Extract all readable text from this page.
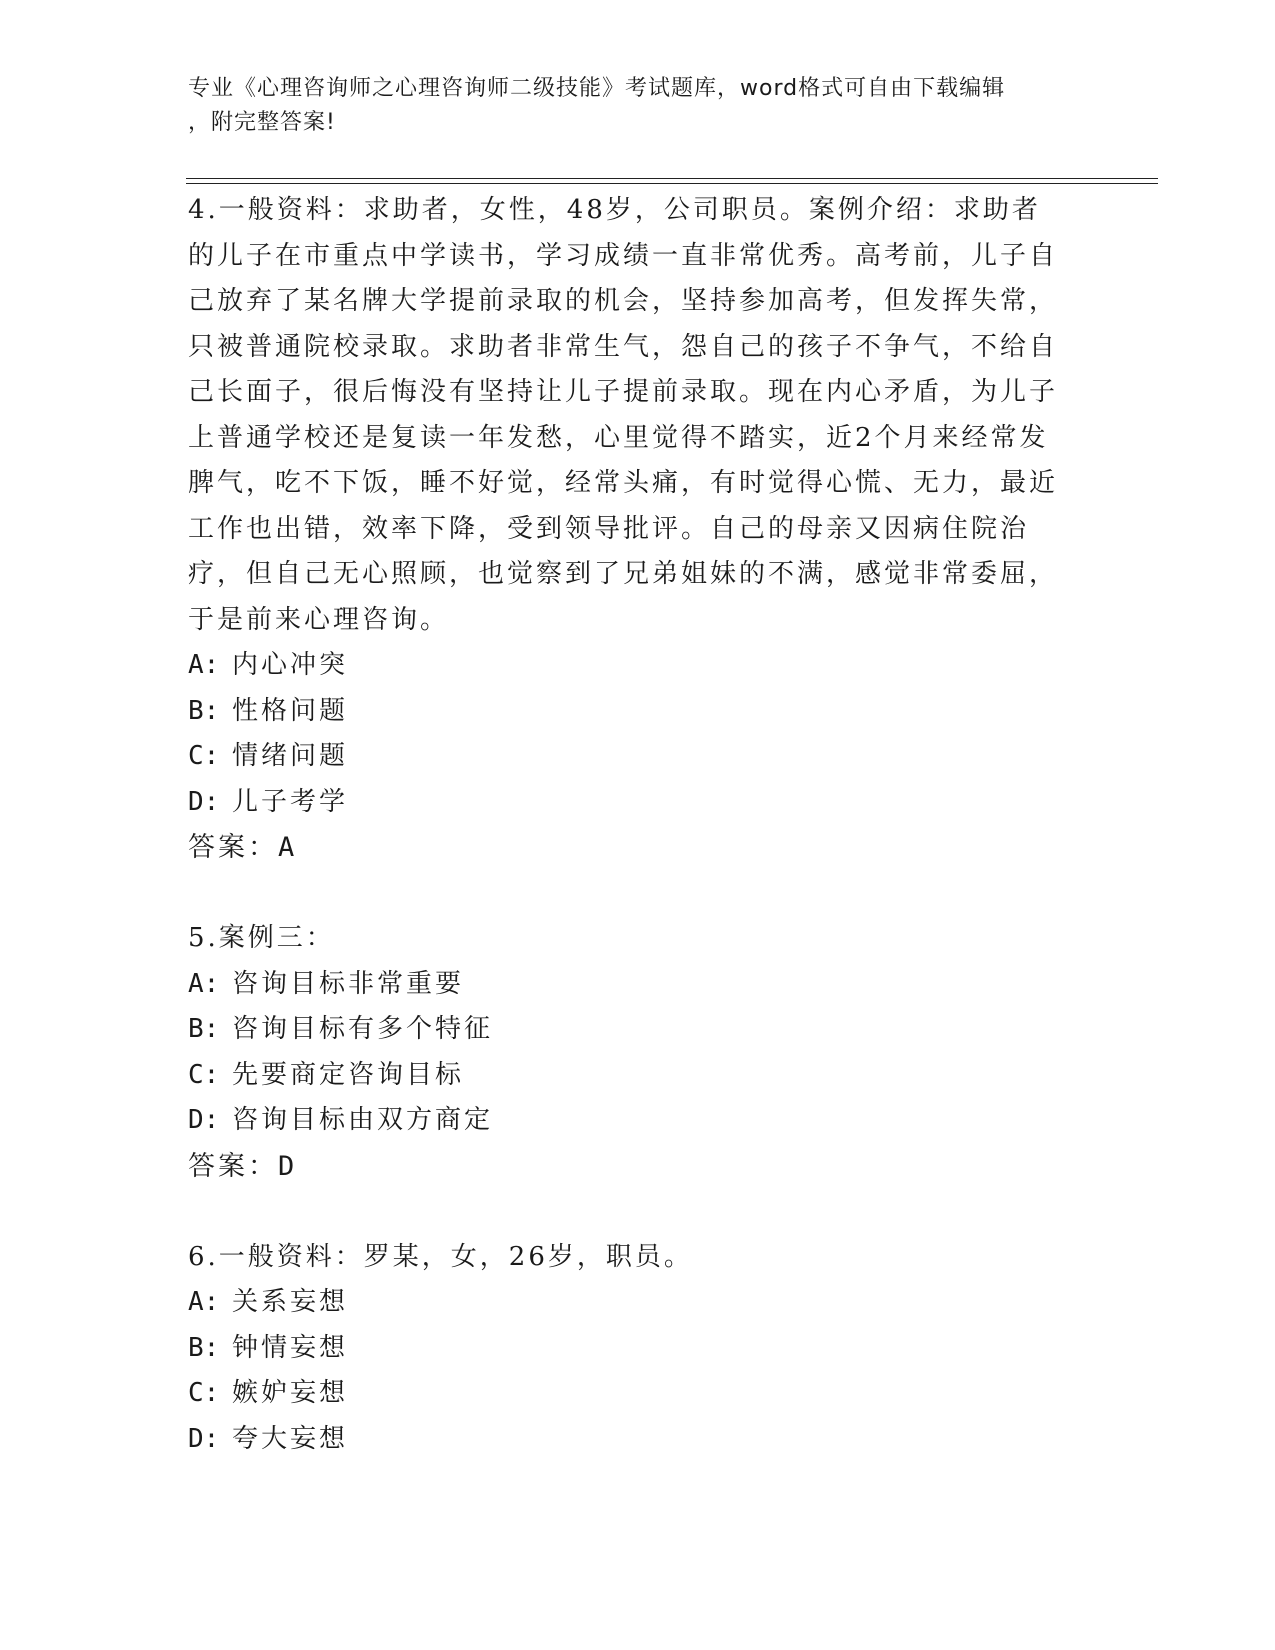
专业《心理咨询师之心理咨询师二级技能》考试题库，word格式可自由下载编辑
，附完整答案!

4.一般资料：求助者，女性，48岁，公司职员。案例介绍：求助者的儿子在市重点中学读书，学习成绩一直非常优秀。高考前，儿子自己放弃了某名牌大学提前录取的机会，坚持参加高考，但发挥失常，只被普通院校录取。求助者非常生气，怨自己的孩子不争气，不给自己长面子，很后悔没有坚持让儿子提前录取。现在内心矛盾，为儿子上普通学校还是复读一年发愁，心里觉得不踏实，近2个月来经常发脾气，吃不下饭，睡不好觉，经常头痛，有时觉得心慌、无力，最近工作也出错，效率下降，受到领导批评。自己的母亲又因病住院治疗，但自己无心照顾，也觉察到了兄弟姐妹的不满，感觉非常委屈，于是前来心理咨询。

A: 内心冲突

B: 性格问题

C: 情绪问题

D: 儿子考学

答案：A

5.案例三：

A: 咨询目标非常重要

B: 咨询目标有多个特征

C: 先要商定咨询目标

D: 咨询目标由双方商定

答案：D

6.一般资料：罗某，女，26岁，职员。

A: 关系妄想

B: 钟情妄想

C: 嫉妒妄想

D: 夸大妄想
